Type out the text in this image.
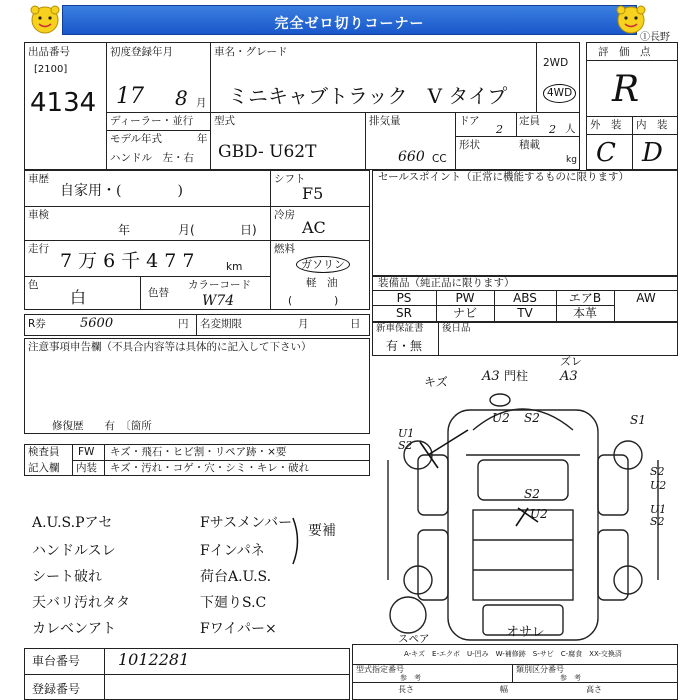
完全ゼロ切りコーナー
出品番号
[2100]
4134
初度登録年月
17 8 月
車名・グレード
ミニキャブトラック　V タイプ
2WD
4WD
ディーラー・並行
モデル年式	年
ハンドル　左・右
型式
GBD- U62T
排気量
660 CC
ドア
2
定員
2 人
形状	積載
kg
評　価　点
①長野
R
外　装 内　装
C D
車歴
自家用・(　　　　)
車検
年	月(	日)
走行
7万6千477 km
色
白	色替
カラーコード
W74
シフト
F5
冷房
AC
燃料
ガソリン
軽　油
(　　　　)
セールスポイント（正常に機能するものに限ります）
装備品（純正品に限ります）
PS	PW	ABS	エアB	AW
SR	ナビ	TV	本革
R券	5600	円 名変期限	月	日 新車保証書
有・無
後日品
注意事項申告欄（不具合内容等は具体的に記入して下さい）
修復歴　　有　〔箇所
検査員
記入欄
FW キズ・飛石・ヒビ割・リペア跡・×要
内装 キズ・汚れ・コゲ・穴・シミ・キレ・破れ
A.U.S.Pアセ
ハンドルスレ
シート破れ
天バリ汚れタタ
カレベンアト
Fサスメンバー
Fインパネ
荷台A.U.S.
下廻りS.C
Fワイパー×
要補
車台番号 1012281
登録番号
キズ	A3 門柱
ズレ
A3
U1
S2
U2 S2	S1
S2
U2
S2
U2	U1
S2
スペア	オサレ
A-キズ　E-エクボ　U-凹み　W-補修跡　S-サビ　C-腐食　XX-交換済
型式指定番号
参　考
類別区分番号
参　考
長さ	幅	高さ
